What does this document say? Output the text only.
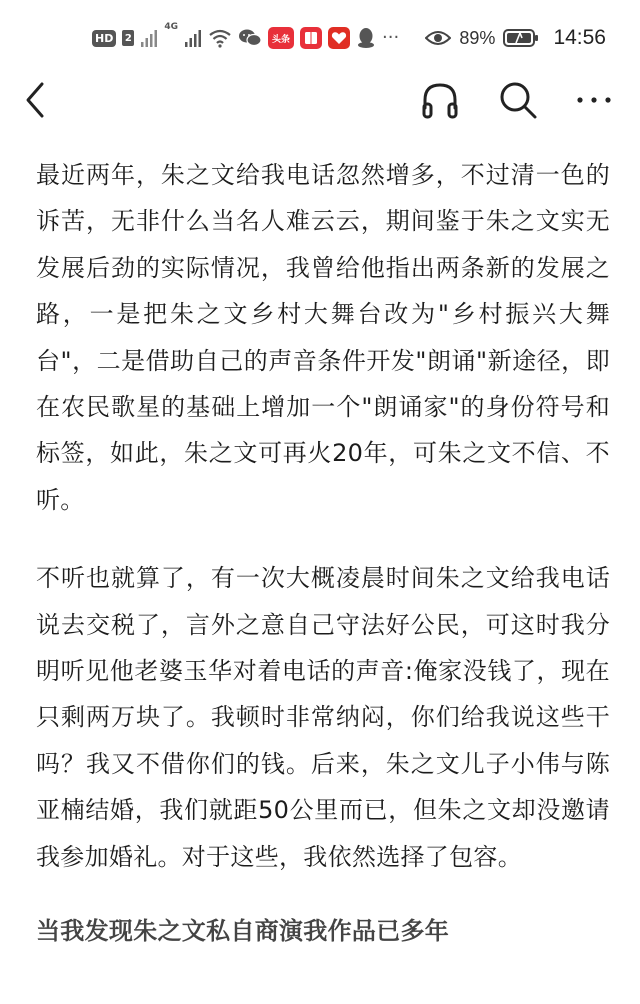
HD	2
4G
头条	···	89%	14:56

最近两年，朱之文给我电话忽然增多，不过清一色的诉苦，无非什么当名人难云云，期间鉴于朱之文实无发展后劲的实际情况，我曾给他指出两条新的发展之路，一是把朱之文乡村大舞台改为"乡村振兴大舞台"，二是借助自己的声音条件开发"朗诵"新途径，即在农民歌星的基础上增加一个"朗诵家"的身份符号和标签，如此，朱之文可再火20年，可朱之文不信、不听。

不听也就算了，有一次大概凌晨时间朱之文给我电话说去交税了，言外之意自己守法好公民，可这时我分明听见他老婆玉华对着电话的声音:俺家没钱了，现在只剩两万块了。我顿时非常纳闷，你们给我说这些干吗？我又不借你们的钱。后来，朱之文儿子小伟与陈亚楠结婚，我们就距50公里而已，但朱之文却没邀请我参加婚礼。对于这些，我依然选择了包容。

当我发现朱之文私自商演我作品已多年
